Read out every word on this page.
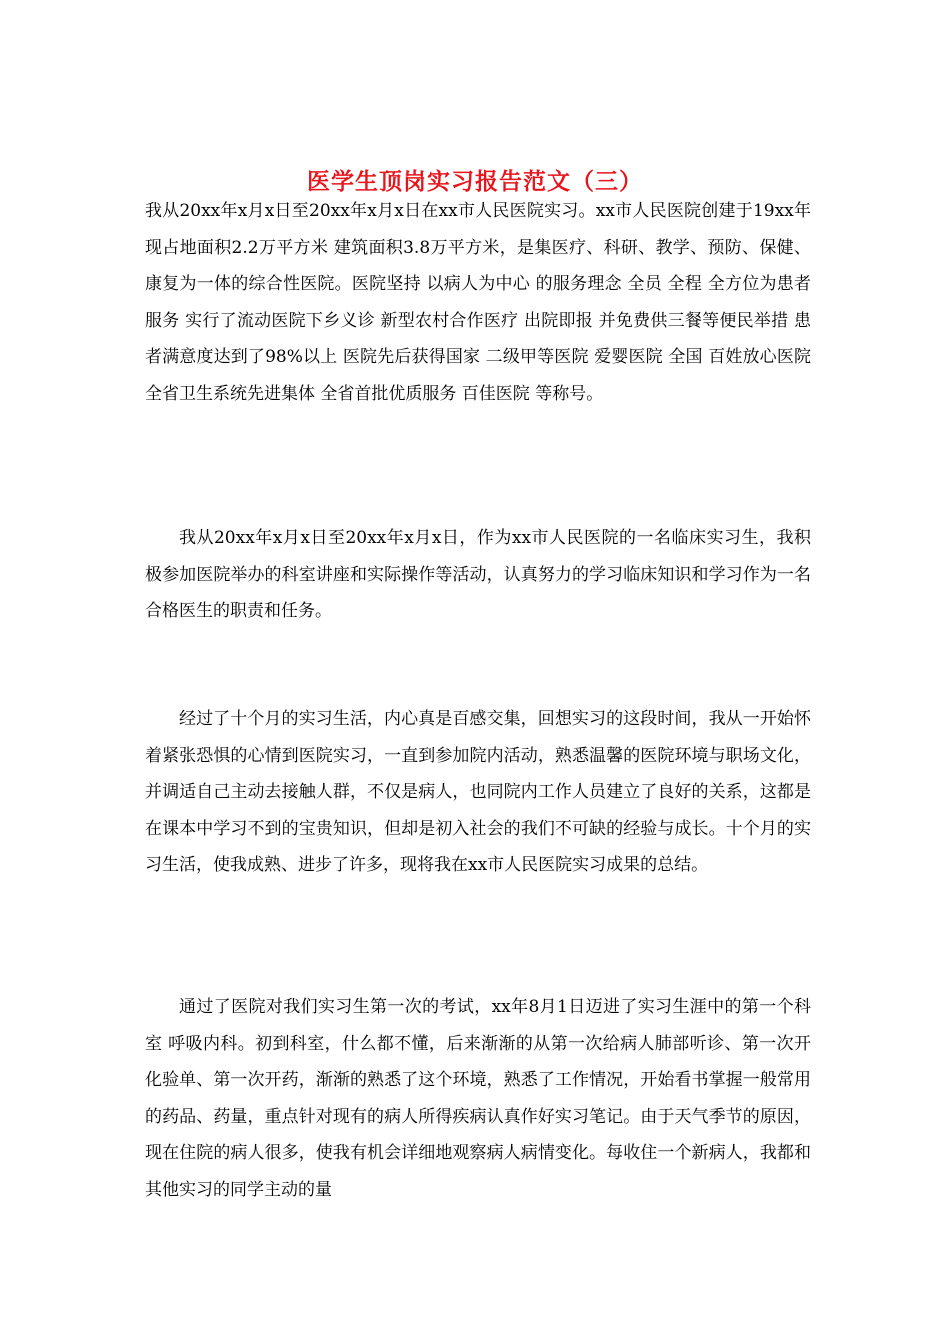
医学生顶岗实习报告范文（三）

我从20xx年x月x日至20xx年x月x日在xx市人民医院实习。xx市人民医院创建于19xx年 现占地面积2.2万平方米 建筑面积3.8万平方米，是集医疗、科研、教学、预防、保健、康复为一体的综合性医院。医院坚持 以病人为中心 的服务理念 全员 全程 全方位为患者服务 实行了流动医院下乡义诊 新型农村合作医疗 出院即报 并免费供三餐等便民举措 患者满意度达到了98%以上 医院先后获得国家 二级甲等医院 爱婴医院 全国 百姓放心医院 全省卫生系统先进集体 全省首批优质服务 百佳医院 等称号。

我从20xx年x月x日至20xx年x月x日，作为xx市人民医院的一名临床实习生，我积极参加医院举办的科室讲座和实际操作等活动，认真努力的学习临床知识和学习作为一名合格医生的职责和任务。

经过了十个月的实习生活，内心真是百感交集，回想实习的这段时间，我从一开始怀着紧张恐惧的心情到医院实习，一直到参加院内活动，熟悉温馨的医院环境与职场文化，并调适自己主动去接触人群，不仅是病人，也同院内工作人员建立了良好的关系，这都是在课本中学习不到的宝贵知识，但却是初入社会的我们不可缺的经验与成长。十个月的实习生活，使我成熟、进步了许多，现将我在xx市人民医院实习成果的总结。

通过了医院对我们实习生第一次的考试，xx年8月1日迈进了实习生涯中的第一个科室 呼吸内科。初到科室，什么都不懂，后来渐渐的从第一次给病人肺部听诊、第一次开化验单、第一次开药，渐渐的熟悉了这个环境，熟悉了工作情况，开始看书掌握一般常用的药品、药量，重点针对现有的病人所得疾病认真作好实习笔记。由于天气季节的原因，现在住院的病人很多，使我有机会详细地观察病人病情变化。每收住一个新病人，我都和其他实习的同学主动的量
